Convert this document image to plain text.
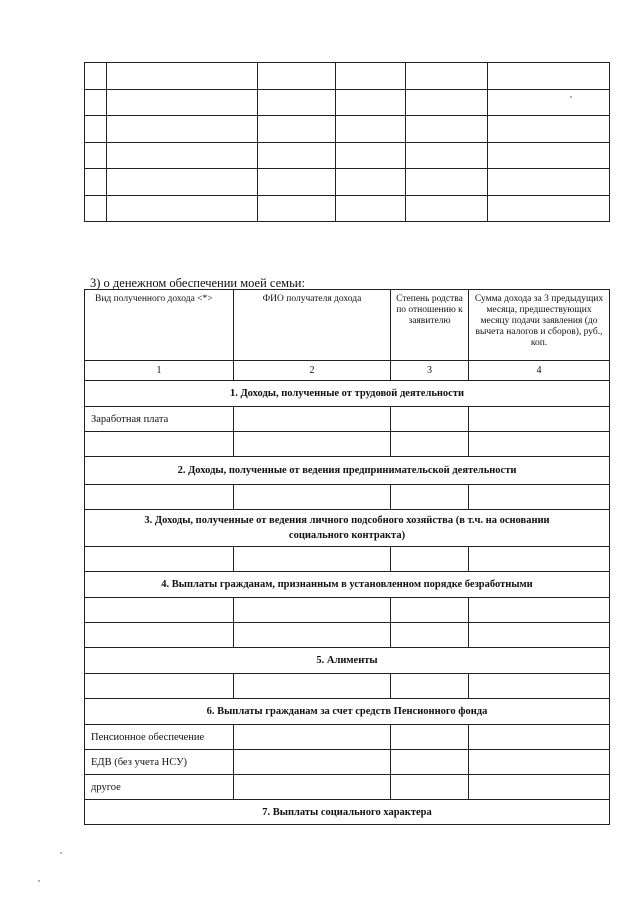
3) о денежном обеспечении моей семьи:
Вид полученного дохода <*>	ФИО получателя дохода	Степень родства по отношению к заявителю	Сумма дохода за 3 предыдущих месяца, предшествующих месяцу подачи заявления (до вычета налогов и сборов), руб., коп.
1	2	3	4
1. Доходы, полученные от трудовой деятельности			
Заработная плата			

2. Доходы, полученные от ведения предпринимательской деятельности			

3. Доходы, полученные от ведения личного подсобного хозяйства (в т.ч. на основании социального контракта)			

4. Выплаты гражданам, признанным в установленном порядке безработными			

5. Алименты			

6. Выплаты гражданам за счет средств Пенсионного фонда			
Пенсионное обеспечение			
ЕДВ (без учета НСУ)			
другое			
7. Выплаты социального характера			
